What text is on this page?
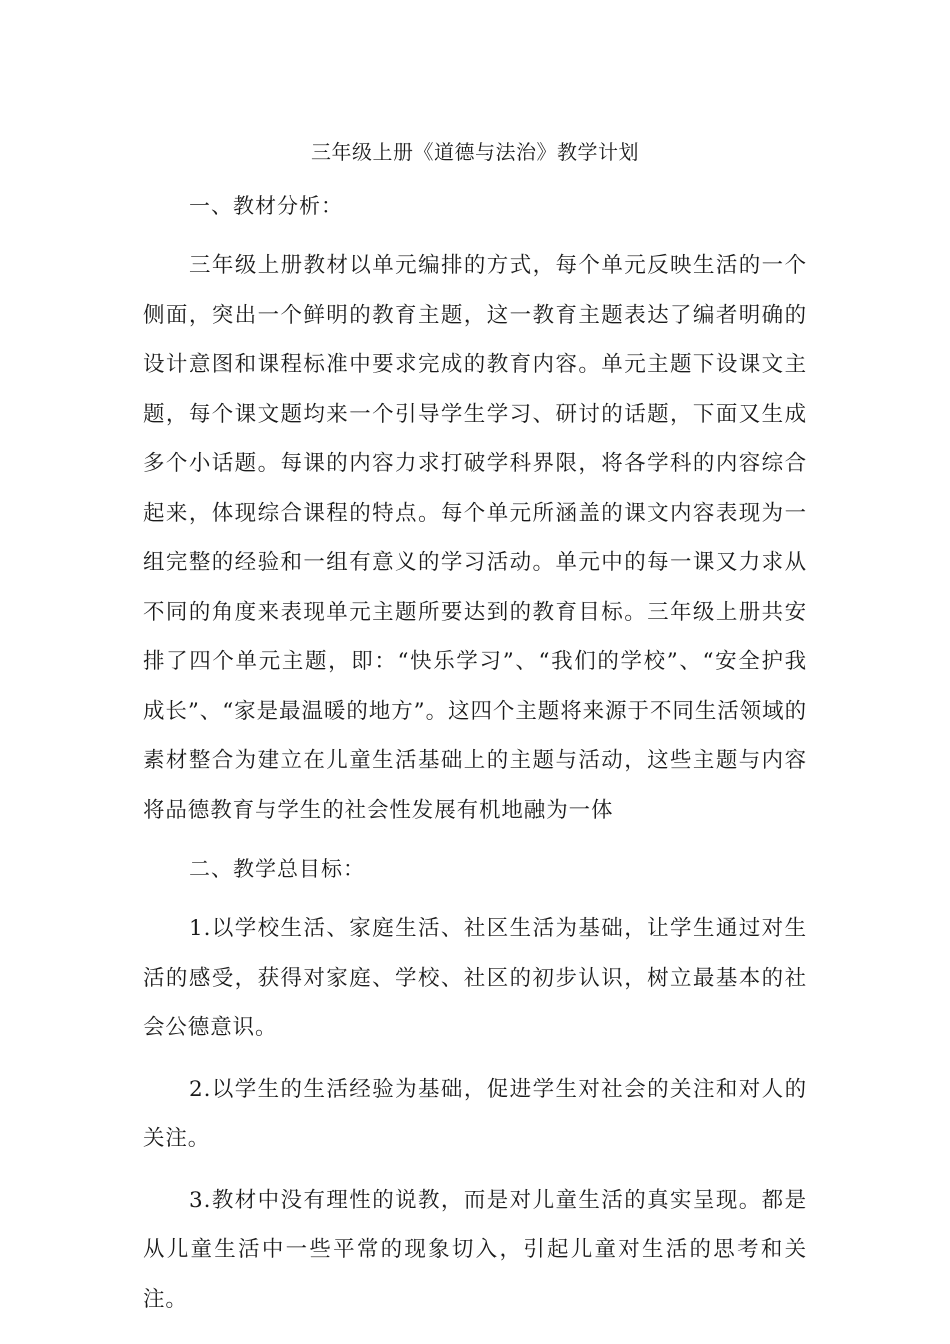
三年级上册《道德与法治》教学计划
一、教材分析：

三年级上册教材以单元编排的方式，每个单元反映生活的一个侧面，突出一个鲜明的教育主题，这一教育主题表达了编者明确的设计意图和课程标准中要求完成的教育内容。单元主题下设课文主题，每个课文题均来一个引导学生学习、研讨的话题，下面又生成多个小话题。每课的内容力求打破学科界限，将各学科的内容综合起来，体现综合课程的特点。每个单元所涵盖的课文内容表现为一组完整的经验和一组有意义的学习活动。单元中的每一课又力求从不同的角度来表现单元主题所要达到的教育目标。三年级上册共安排了四个单元主题，即：“快乐学习”、“我们的学校”、“安全护我成长”、“家是最温暖的地方”。这四个主题将来源于不同生活领域的素材整合为建立在儿童生活基础上的主题与活动，这些主题与内容将品德教育与学生的社会性发展有机地融为一体

二、教学总目标：

1.以学校生活、家庭生活、社区生活为基础，让学生通过对生活的感受，获得对家庭、学校、社区的初步认识，树立最基本的社会公德意识。

2.以学生的生活经验为基础，促进学生对社会的关注和对人的关注。

3.教材中没有理性的说教，而是对儿童生活的真实呈现。都是从儿童生活中一些平常的现象切入，引起儿童对生活的思考和关注。
